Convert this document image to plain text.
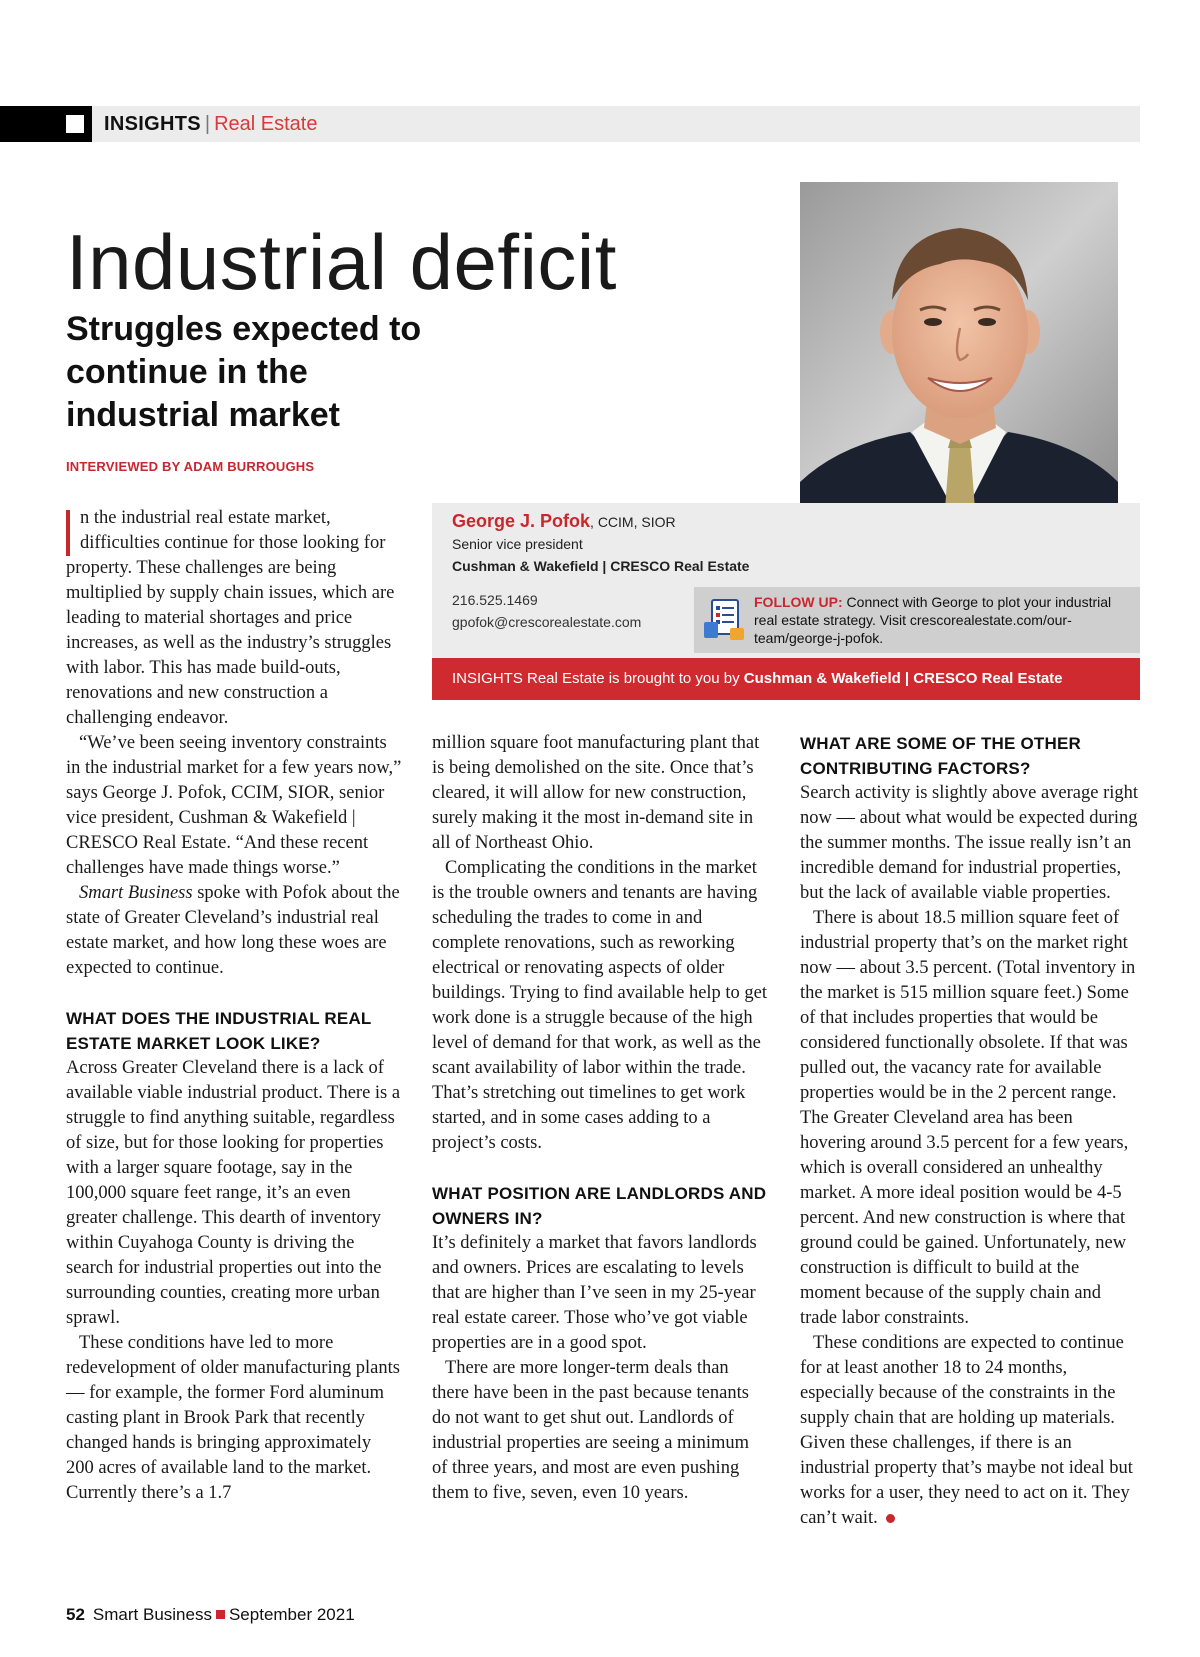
INSIGHTS | Real Estate
Industrial deficit
Struggles expected to continue in the industrial market
INTERVIEWED BY ADAM BURROUGHS
George J. Pofok, CCIM, SIOR
Senior vice president
Cushman & Wakefield | CRESCO Real Estate
216.525.1469
gpofok@crescorealestate.com
FOLLOW UP: Connect with George to plot your industrial real estate strategy. Visit crescorealestate.com/our-team/george-j-pofok.
INSIGHTS Real Estate is brought to you by Cushman & Wakefield | CRESCO Real Estate

n the industrial real estate market, difficulties continue for those looking for property. These challenges are being multiplied by supply chain issues, which are leading to material shortages and price increases, as well as the industry’s struggles with labor. This has made build-outs, renovations and new construction a challenging endeavor.

“We’ve been seeing inventory constraints in the industrial market for a few years now,” says George J. Pofok, CCIM, SIOR, senior vice president, Cushman & Wakefield | CRESCO Real Estate. “And these recent challenges have made things worse.”

Smart Business spoke with Pofok about the state of Greater Cleveland’s industrial real estate market, and how long these woes are expected to continue.

WHAT DOES THE INDUSTRIAL REAL ESTATE MARKET LOOK LIKE?

Across Greater Cleveland there is a lack of available viable industrial product. There is a struggle to find anything suitable, regardless of size, but for those looking for properties with a larger square footage, say in the 100,000 square feet range, it’s an even greater challenge. This dearth of inventory within Cuyahoga County is driving the search for industrial properties out into the surrounding counties, creating more urban sprawl.

These conditions have led to more redevelopment of older manufacturing plants — for example, the former Ford aluminum casting plant in Brook Park that recently changed hands is bringing approximately 200 acres of available land to the market. Currently there’s a 1.7

million square foot manufacturing plant that is being demolished on the site. Once that’s cleared, it will allow for new construction, surely making it the most in-demand site in all of Northeast Ohio.

Complicating the conditions in the market is the trouble owners and tenants are having scheduling the trades to come in and complete renovations, such as reworking electrical or renovating aspects of older buildings. Trying to find available help to get work done is a struggle because of the high level of demand for that work, as well as the scant availability of labor within the trade. That’s stretching out timelines to get work started, and in some cases adding to a project’s costs.

WHAT POSITION ARE LANDLORDS AND OWNERS IN?

It’s definitely a market that favors landlords and owners. Prices are escalating to levels that are higher than I’ve seen in my 25-year real estate career. Those who’ve got viable properties are in a good spot.

There are more longer-term deals than there have been in the past because tenants do not want to get shut out. Landlords of industrial properties are seeing a minimum of three years, and most are even pushing them to five, seven, even 10 years.

WHAT ARE SOME OF THE OTHER CONTRIBUTING FACTORS?

Search activity is slightly above average right now — about what would be expected during the summer months. The issue really isn’t an incredible demand for industrial properties, but the lack of available viable properties.

There is about 18.5 million square feet of industrial property that’s on the market right now — about 3.5 percent. (Total inventory in the market is 515 million square feet.) Some of that includes properties that would be considered functionally obsolete. If that was pulled out, the vacancy rate for available properties would be in the 2 percent range. The Greater Cleveland area has been hovering around 3.5 percent for a few years, which is overall considered an unhealthy market. A more ideal position would be 4-5 percent. And new construction is where that ground could be gained. Unfortunately, new construction is difficult to build at the moment because of the supply chain and trade labor constraints.

These conditions are expected to continue for at least another 18 to 24 months, especially because of the constraints in the supply chain that are holding up materials. Given these challenges, if there is an industrial property that’s maybe not ideal but works for a user, they need to act on it. They can’t wait.

52 Smart Business September 2021
